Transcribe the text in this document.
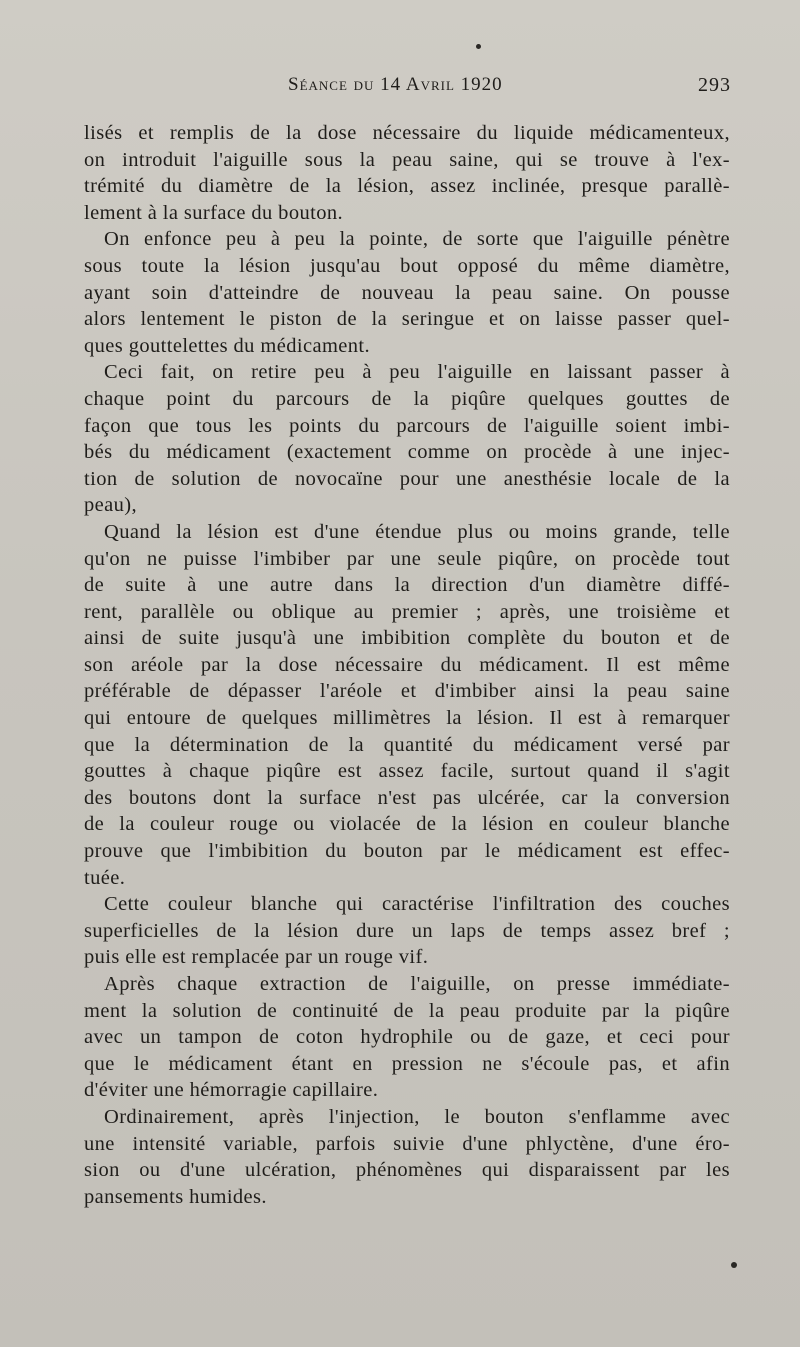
Séance du 14 Avril 1920	293
lisés et remplis de la dose nécessaire du liquide médicamenteux,
on introduit l'aiguille sous la peau saine, qui se trouve à l'ex-
trémité du diamètre de la lésion, assez inclinée, presque parallè-
lement à la surface du bouton.
On enfonce peu à peu la pointe, de sorte que l'aiguille pénètre
sous toute la lésion jusqu'au bout opposé du même diamètre,
ayant soin d'atteindre de nouveau la peau saine. On pousse
alors lentement le piston de la seringue et on laisse passer quel-
ques gouttelettes du médicament.
Ceci fait, on retire peu à peu l'aiguille en laissant passer à
chaque point du parcours de la piqûre quelques gouttes de
façon que tous les points du parcours de l'aiguille soient imbi-
bés du médicament (exactement comme on procède à une injec-
tion de solution de novocaïne pour une anesthésie locale de la
peau),
Quand la lésion est d'une étendue plus ou moins grande, telle
qu'on ne puisse l'imbiber par une seule piqûre, on procède tout
de suite à une autre dans la direction d'un diamètre diffé-
rent, parallèle ou oblique au premier ; après, une troisième et
ainsi de suite jusqu'à une imbibition complète du bouton et de
son aréole par la dose nécessaire du médicament. Il est même
préférable de dépasser l'aréole et d'imbiber ainsi la peau saine
qui entoure de quelques millimètres la lésion. Il est à remarquer
que la détermination de la quantité du médicament versé par
gouttes à chaque piqûre est assez facile, surtout quand il s'agit
des boutons dont la surface n'est pas ulcérée, car la conversion
de la couleur rouge ou violacée de la lésion en couleur blanche
prouve que l'imbibition du bouton par le médicament est effec-
tuée.
Cette couleur blanche qui caractérise l'infiltration des couches
superficielles de la lésion dure un laps de temps assez bref ;
puis elle est remplacée par un rouge vif.
Après chaque extraction de l'aiguille, on presse immédiate-
ment la solution de continuité de la peau produite par la piqûre
avec un tampon de coton hydrophile ou de gaze, et ceci pour
que le médicament étant en pression ne s'écoule pas, et afin
d'éviter une hémorragie capillaire.
Ordinairement, après l'injection, le bouton s'enflamme avec
une intensité variable, parfois suivie d'une phlyctène, d'une éro-
sion ou d'une ulcération, phénomènes qui disparaissent par les
pansements humides.
